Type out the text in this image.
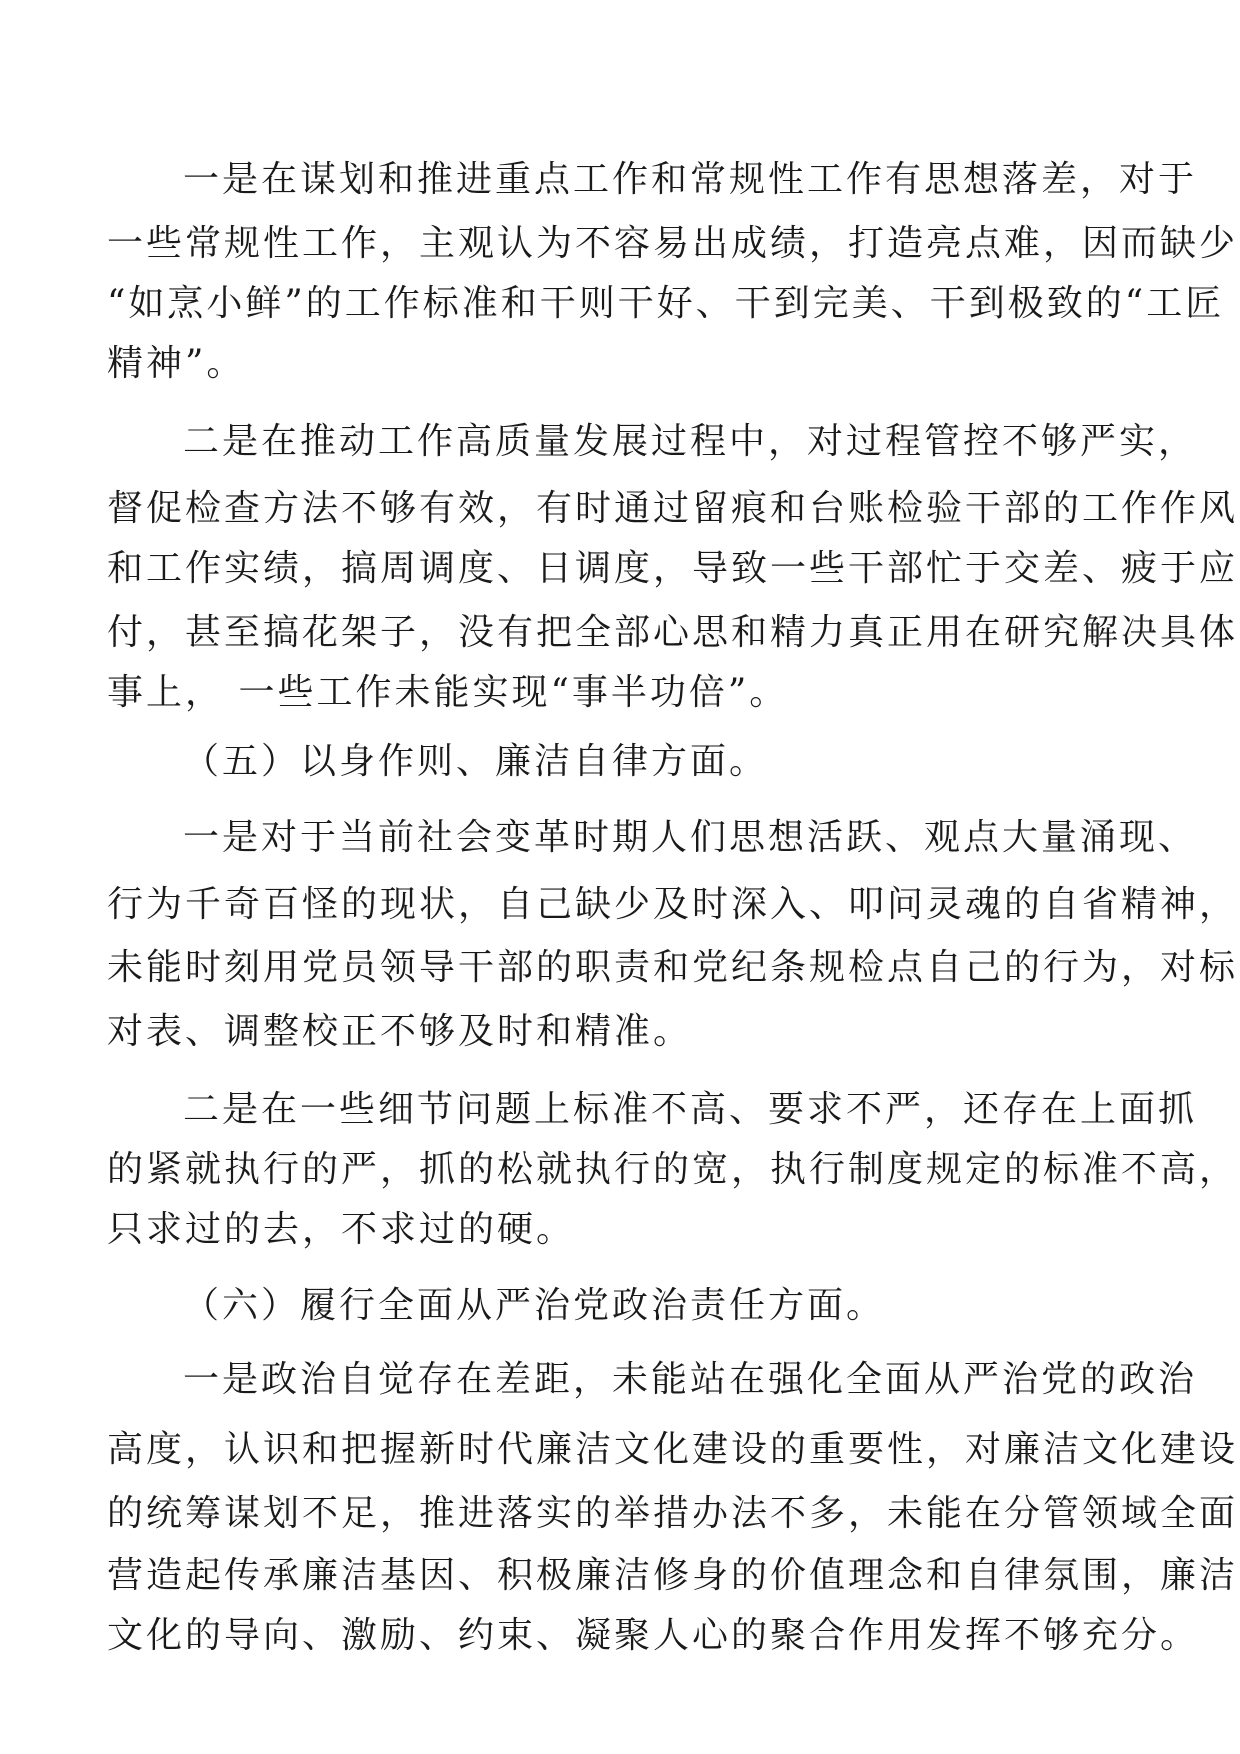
一是在谋划和推进重点工作和常规性工作有思想落差，对于
一些常规性工作，主观认为不容易出成绩，打造亮点难，因而缺少
“如烹小鲜”的工作标准和干则干好、干到完美、干到极致的“工匠
精神”。
二是在推动工作高质量发展过程中，对过程管控不够严实，
督促检查方法不够有效，有时通过留痕和台账检验干部的工作作风
和工作实绩，搞周调度、日调度，导致一些干部忙于交差、疲于应
付，甚至搞花架子，没有把全部心思和精力真正用在研究解决具体
事上， 一些工作未能实现“事半功倍”。
（五）以身作则、廉洁自律方面。
一是对于当前社会变革时期人们思想活跃、观点大量涌现、
行为千奇百怪的现状，自己缺少及时深入、叩问灵魂的自省精神，
未能时刻用党员领导干部的职责和党纪条规检点自己的行为，对标
对表、调整校正不够及时和精准。
二是在一些细节问题上标准不高、要求不严，还存在上面抓
的紧就执行的严，抓的松就执行的宽，执行制度规定的标准不高，
只求过的去，不求过的硬。
（六）履行全面从严治党政治责任方面。
一是政治自觉存在差距，未能站在强化全面从严治党的政治
高度，认识和把握新时代廉洁文化建设的重要性，对廉洁文化建设
的统筹谋划不足，推进落实的举措办法不多，未能在分管领域全面
营造起传承廉洁基因、积极廉洁修身的价值理念和自律氛围，廉洁
文化的导向、激励、约束、凝聚人心的聚合作用发挥不够充分。
